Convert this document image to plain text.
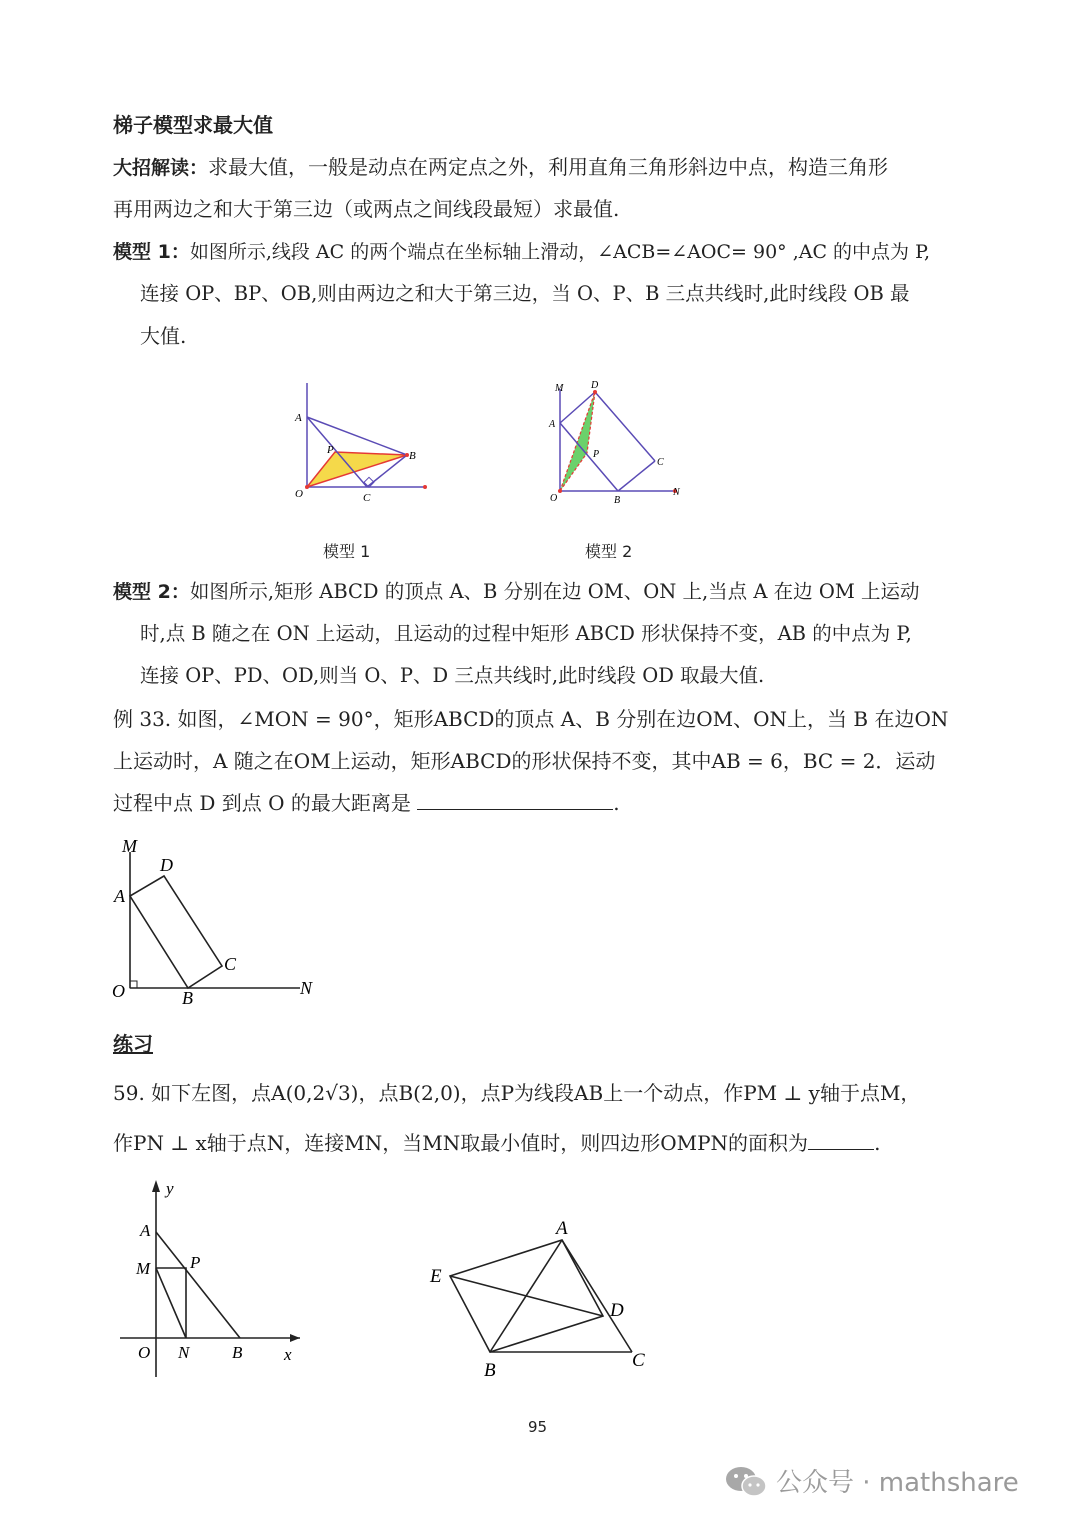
梯子模型求最大值
大招解读：求最大值，一般是动点在两定点之外，利用直角三角形斜边中点，构造三角形
再用两边之和大于第三边（或两点之间线段最短）求最值.
模型 1：如图所示,线段 AC 的两个端点在坐标轴上滑动，∠ACB=∠AOC= 90° ,AC 的中点为 P,
连接 OP、BP、OB,则由两边之和大于第三边，当 O、P、B 三点共线时,此时线段 OB 最
大值.
A
P	B
O	C
M	D
A
P
C
O	B
N
模型 1	模型 2
模型 2：如图所示,矩形 ABCD 的顶点 A、B 分别在边 OM、ON 上,当点 A 在边 OM 上运动
时,点 B 随之在 ON 上运动，且运动的过程中矩形 ABCD 形状保持不变，AB 的中点为 P,
连接 OP、PD、OD,则当 O、P、D 三点共线时,此时线段 OD 取最大值.
例 33. 如图，∠MON = 90°，矩形ABCD的顶点 A、B 分别在边OM、ON上，当 B 在边ON
上运动时，A 随之在OM上运动，矩形ABCD的形状保持不变，其中AB = 6，BC = 2．运动
过程中点 D 到点 O 的最大距离是	.
M
D
A
C
O	B	N
练习
59. 如下左图，点A(0,2√3)，点B(2,0)，点P为线段AB上一个动点，作PM ⊥ y轴于点M，
作PN ⊥ x轴于点N，连接MN，当MN取最小值时，则四边形OMPN的面积为	.
y
A
M P
O N	B x
A
E
D
B	C
95
公众号 · mathshare
